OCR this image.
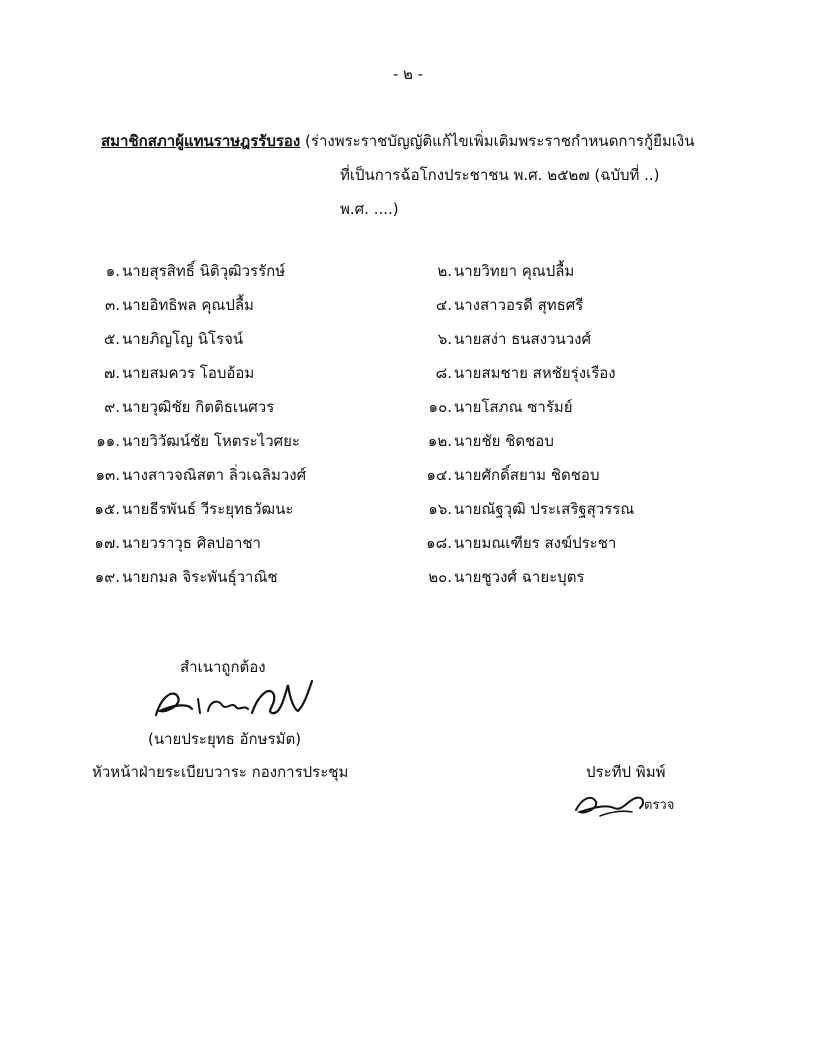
- ๒ -
สมาชิกสภาผู้แทนราษฎรรับรอง (ร่างพระราชบัญญัติแก้ไขเพิ่มเติมพระราชกำหนดการกู้ยืมเงิน
ที่เป็นการฉ้อโกงประชาชน พ.ศ. ๒๕๒๗ (ฉบับที่ ..)
พ.ศ. ....)
๑. นายสุรสิทธิ์ นิติวุฒิวรรักษ์	๒. นายวิทยา คุณปลื้ม
๓. นายอิทธิพล คุณปลื้ม	๔. นางสาวอรดี สุทธศรี
๕. นายภิญโญ นิโรจน์	๖. นายสง่า ธนสงวนวงศ์
๗. นายสมควร โอบอ้อม	๘. นายสมชาย สหชัยรุ่งเรือง
๙. นายวุฒิชัย กิตติธเนศวร	๑๐. นายโสภณ ซารัมย์
๑๑. นายวิวัฒน์ชัย โหตระไวศยะ	๑๒. นายชัย ชิดชอบ
๑๓. นางสาวจณิสตา ลิ่วเฉลิมวงศ์	๑๔. นายศักดิ์สยาม ชิดชอบ
๑๕. นายธีรพันธ์ วีระยุทธวัฒนะ	๑๖. นายณัฐวุฒิ ประเสริฐสุวรรณ
๑๗. นายวราวุธ ศิลปอาชา	๑๘. นายมณเฑียร สงฆ์ประชา
๑๙. นายกมล จิระพันธุ์วาณิช	๒๐. นายชูวงศ์ ฉายะบุตร
สำเนาถูกต้อง
(นายประยุทธ อักษรมัต)
หัวหน้าฝ่ายระเบียบวาระ กองการประชุม	ประทีป พิมพ์
ตรวจ
